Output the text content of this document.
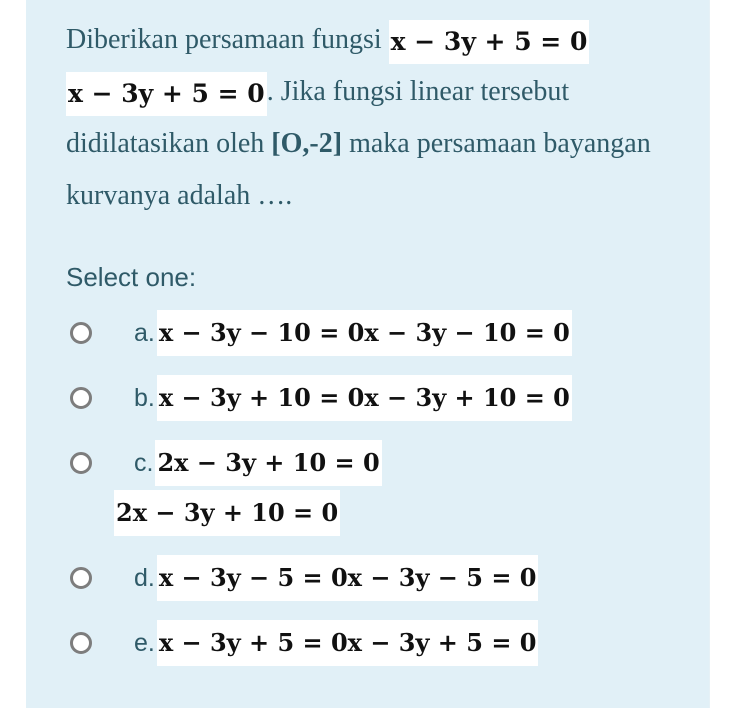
Diberikan persamaan fungsi x − 3y + 5 = 0
x − 3y + 5 = 0. Jika fungsi linear tersebut didilatasikan oleh [O,-2] maka persamaan bayangan kurvanya adalah ….
Select one:
a. x − 3y − 10 = 0x − 3y − 10 = 0
b. x − 3y + 10 = 0x − 3y + 10 = 0
c. 2x − 3y + 10 = 0
2x − 3y + 10 = 0
d. x − 3y − 5 = 0x − 3y − 5 = 0
e. x − 3y + 5 = 0x − 3y + 5 = 0
